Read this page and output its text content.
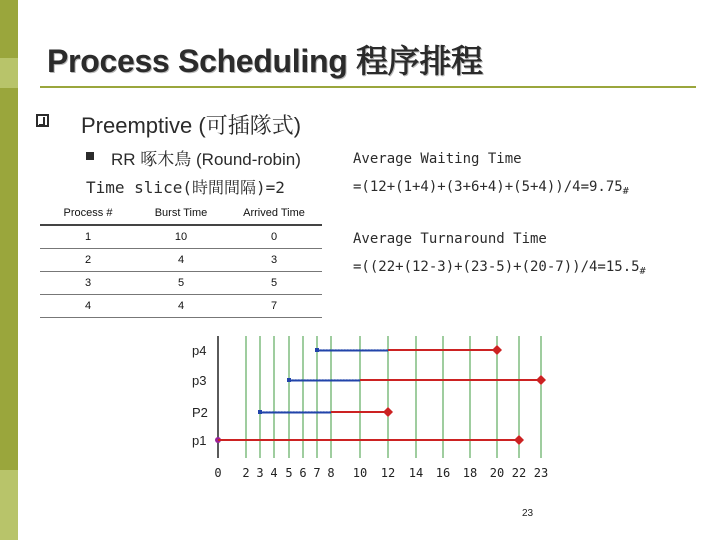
Process Scheduling 程序排程
Preemptive (可插隊式)
RR 啄木鳥 (Round-robin)
Time slice(時間間隔)=2
Average Waiting Time
$=(12+(1+4)+(3+6+4)+(5+4))/4=9.75_{\#}$
Average Turnaround Time
$=((22+(12-3)+(23-5)+(20-7))/4=15.5_{\#}$
Process #	Burst Time	Arrived Time
1	10	0
2	4	3
3	5	5
4	4	7
0 2 3 4 5 6 7 8 10 12 14 16 18 20 22 23
p4
p3
P2
p1
23
